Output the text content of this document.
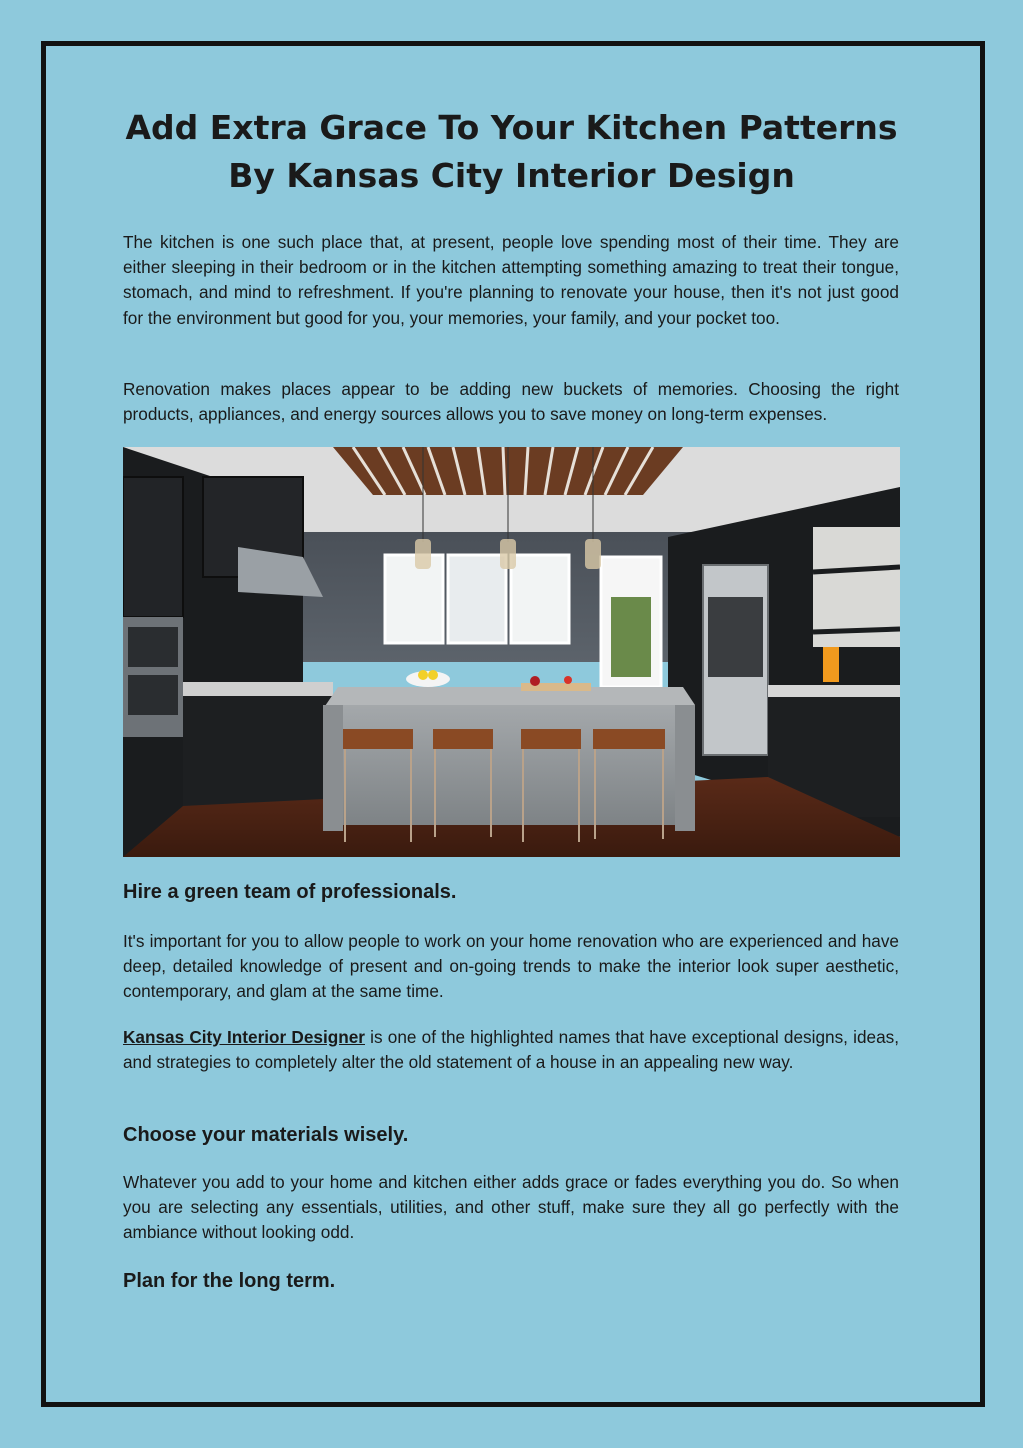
Add Extra Grace To Your Kitchen Patterns By Kansas City Interior Design

The kitchen is one such place that, at present, people love spending most of their time. They are either sleeping in their bedroom or in the kitchen attempting something amazing to treat their tongue, stomach, and mind to refreshment. If you're planning to renovate your house, then it's not just good for the environment but good for you, your memories, your family, and your pocket too.

Renovation makes places appear to be adding new buckets of memories. Choosing the right products, appliances, and energy sources allows you to save money on long-term expenses.

Hire a green team of professionals.

It's important for you to allow people to work on your home renovation who are experienced and have deep, detailed knowledge of present and on-going trends to make the interior look super aesthetic, contemporary, and glam at the same time.

Kansas City Interior Designer is one of the highlighted names that have exceptional designs, ideas, and strategies to completely alter the old statement of a house in an appealing new way.

Choose your materials wisely.

Whatever you add to your home and kitchen either adds grace or fades everything you do. So when you are selecting any essentials, utilities, and other stuff, make sure they all go perfectly with the ambiance without looking odd.

Plan for the long term.
